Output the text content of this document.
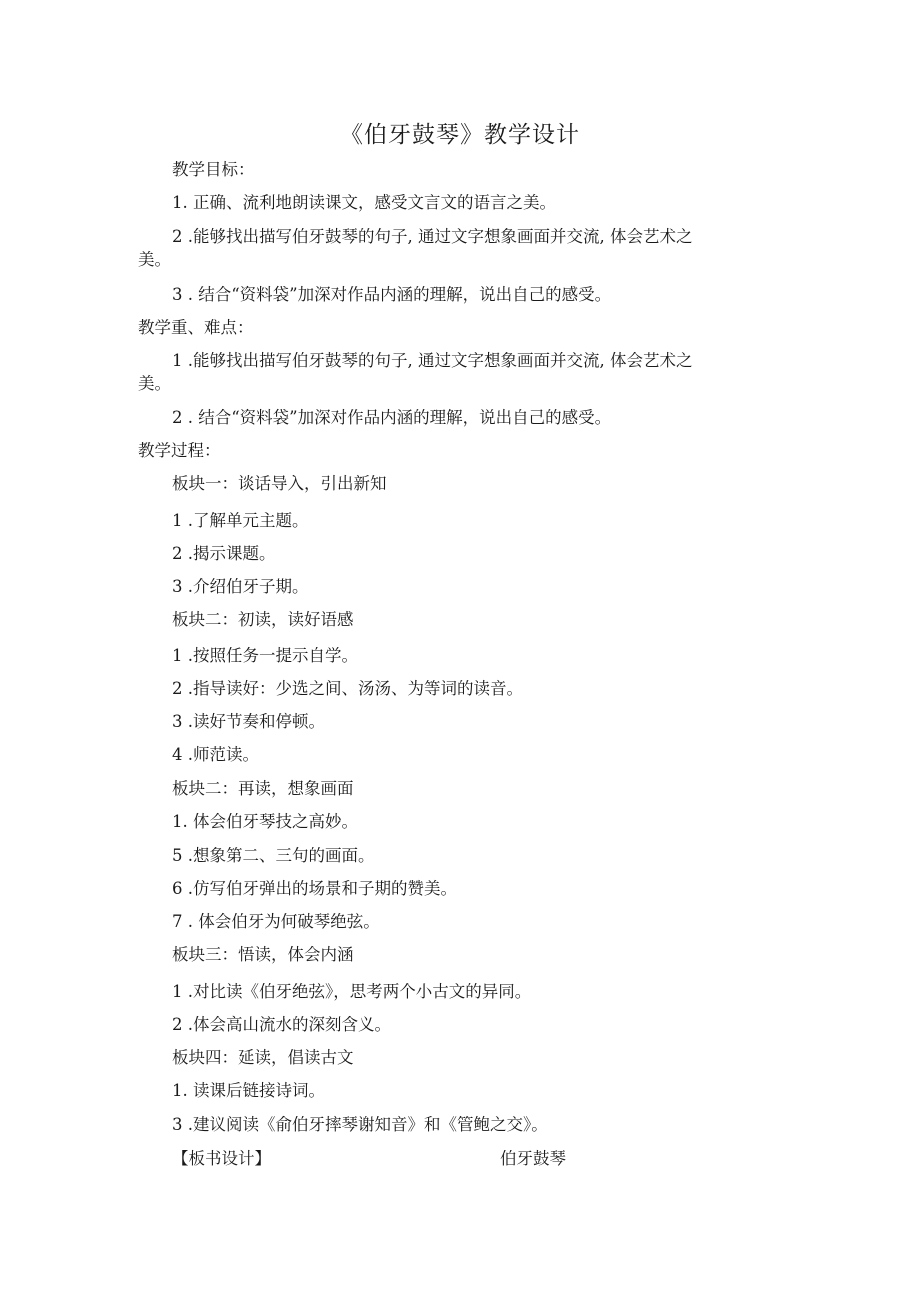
《伯牙鼓琴》教学设计
教学目标：
1. 正确、流利地朗读课文，感受文言文的语言之美。
2 .能够找出描写伯牙鼓琴的句子, 通过文字想象画面并交流, 体会艺术之
美。
3 . 结合“资料袋”加深对作品内涵的理解，说出自己的感受。
教学重、难点：
1 .能够找出描写伯牙鼓琴的句子, 通过文字想象画面并交流, 体会艺术之
美。
2 . 结合“资料袋”加深对作品内涵的理解，说出自己的感受。
教学过程：
板块一：谈话导入，引出新知
1 .了解单元主题。
2 .揭示课题。
3 .介绍伯牙子期。
板块二：初读，读好语感
1 .按照任务一提示自学。
2 .指导读好：少选之间、汤汤、为等词的读音。
3 .读好节奏和停顿。
4 .师范读。
板块二：再读，想象画面
1. 体会伯牙琴技之高妙。
5 .想象第二、三句的画面。
6 .仿写伯牙弹出的场景和子期的赞美。
7 . 体会伯牙为何破琴绝弦。
板块三：悟读，体会内涵
1 .对比读《伯牙绝弦》，思考两个小古文的异同。
2 .体会高山流水的深刻含义。
板块四：延读，倡读古文
1. 读课后链接诗词。
3 .建议阅读《俞伯牙摔琴谢知音》和《管鲍之交》。
【板书设计】	伯牙鼓琴
